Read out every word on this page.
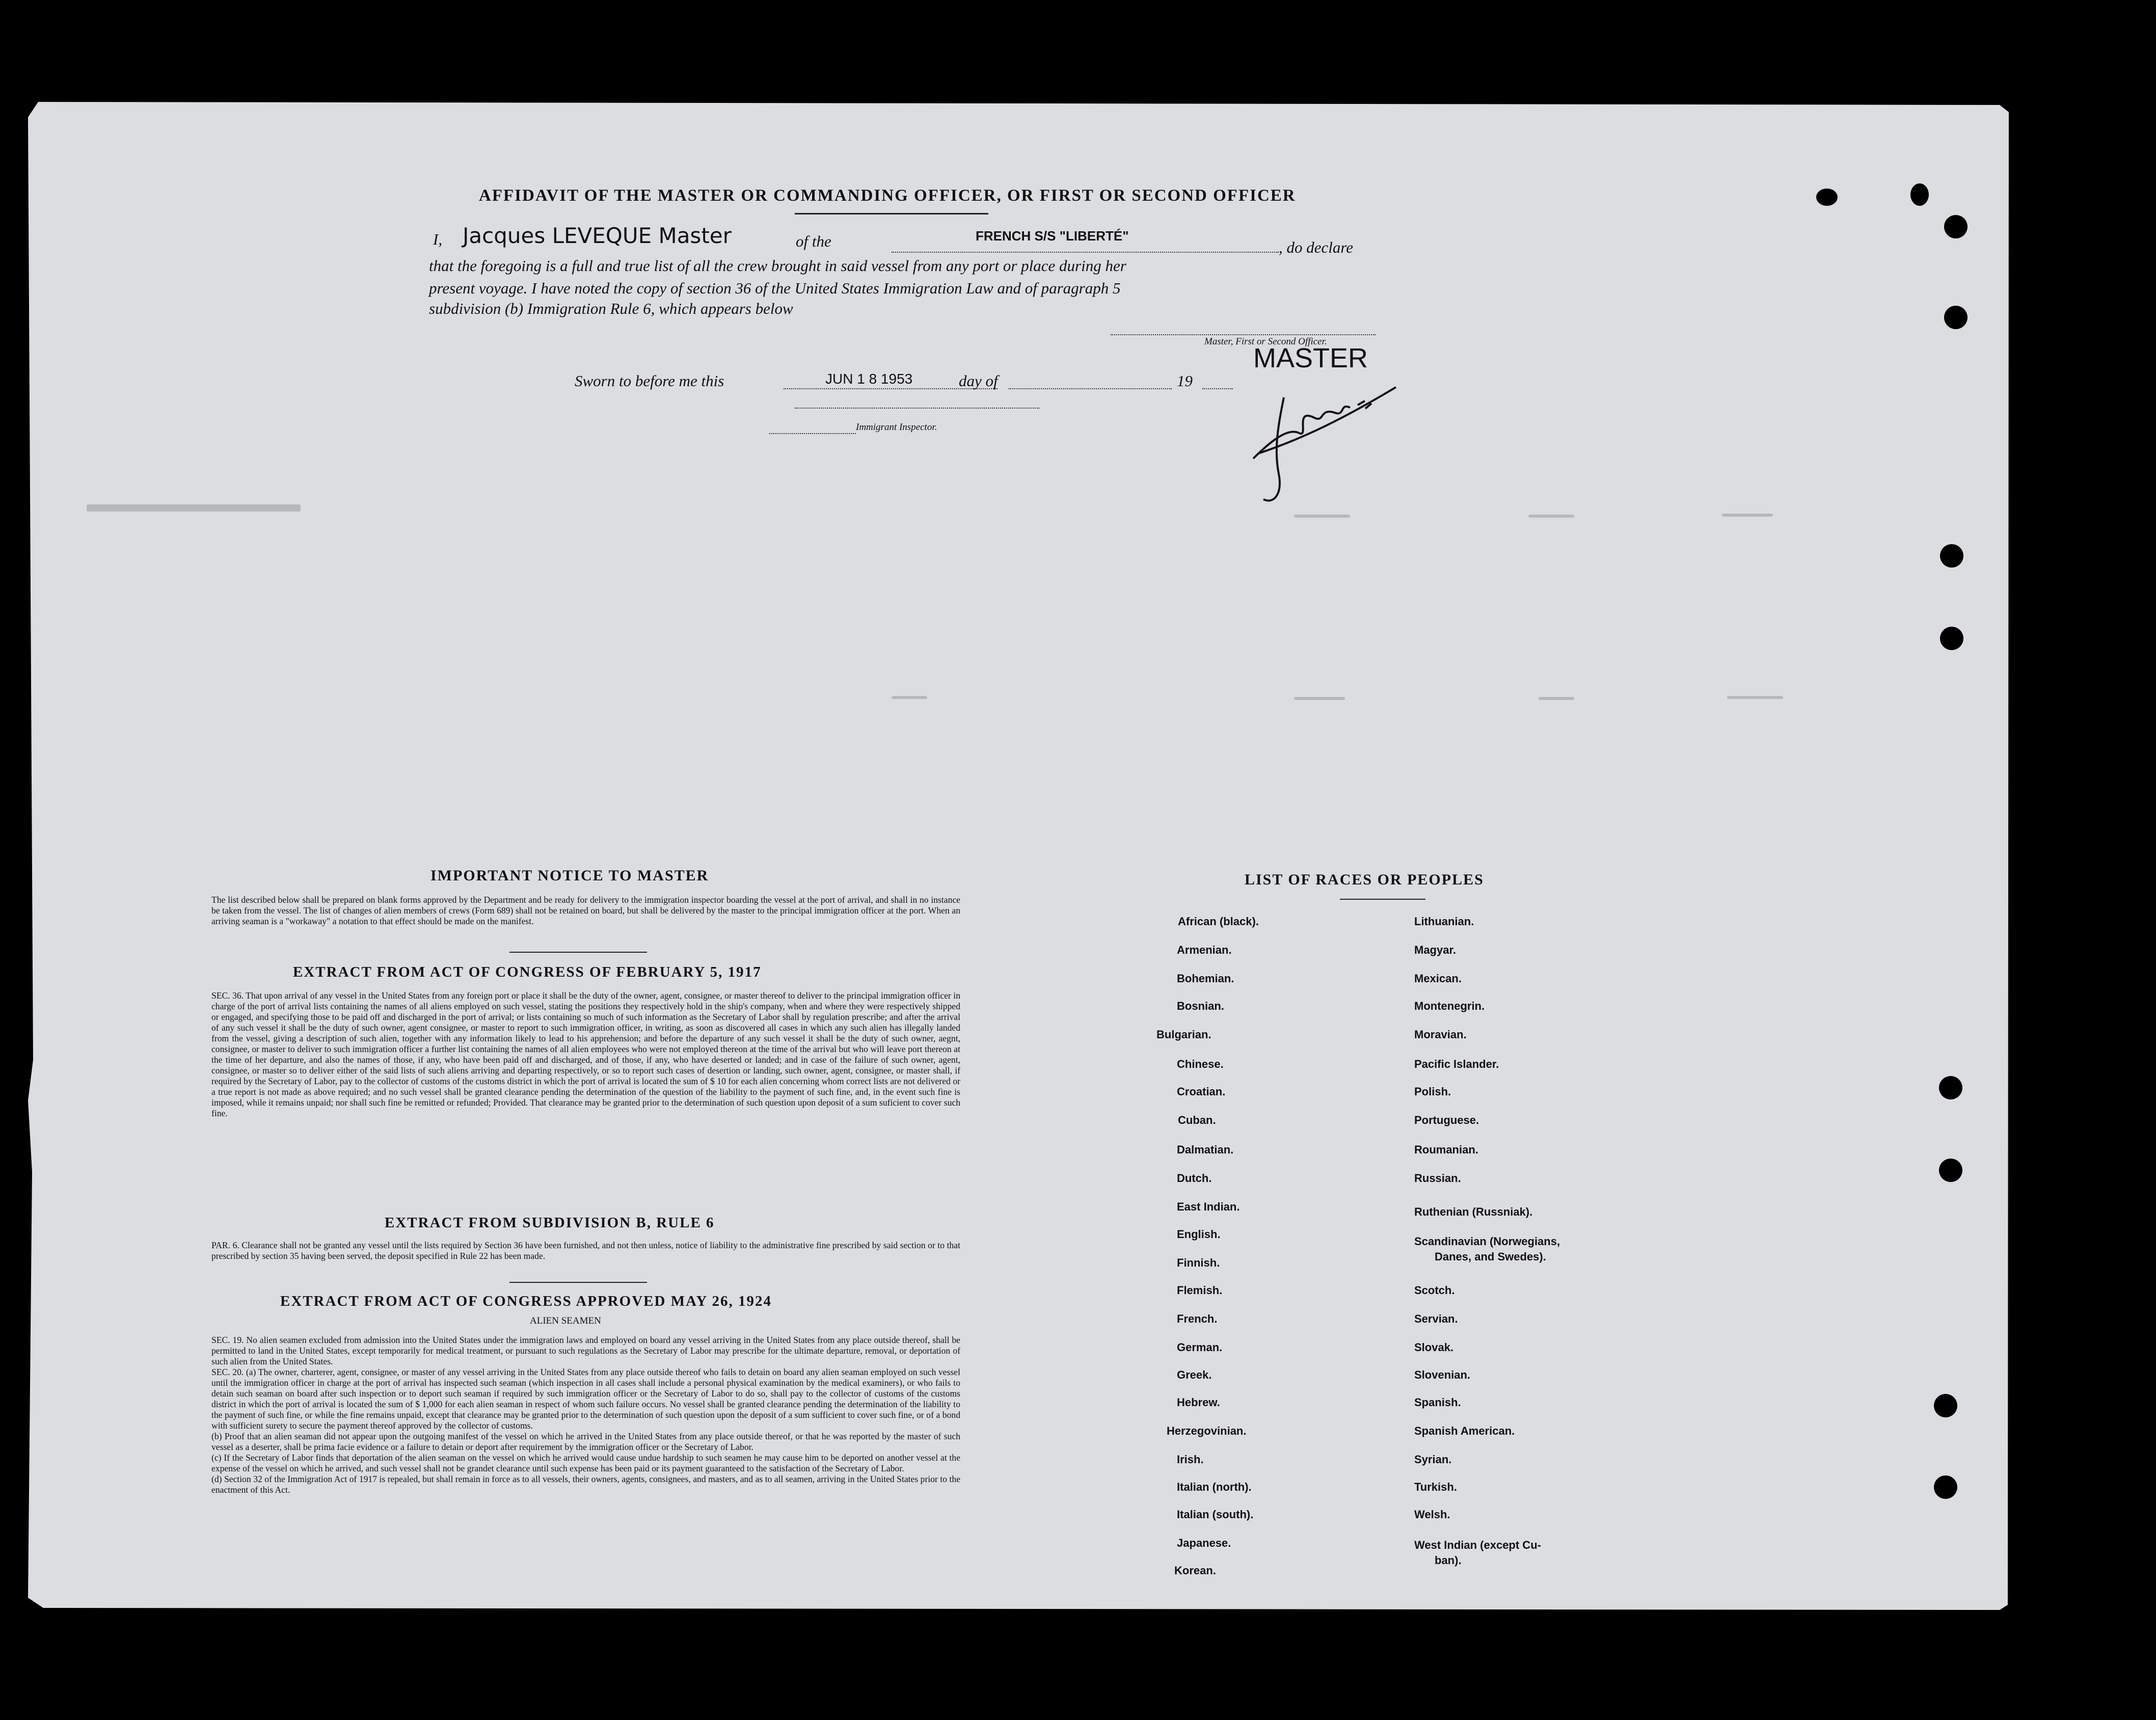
AFFIDAVIT OF THE MASTER OR COMMANDING OFFICER, OR FIRST OR SECOND OFFICER
I, Jacques LEVEQUE Master	of the	FRENCH S/S "LIBERTÉ"
, do declare
that the foregoing is a full and true list of all the crew brought in said vessel from any port or place during her
present voyage. I have noted the copy of section 36 of the United States Immigration Law and of paragraph 5
subdivision (b) Immigration Rule 6, which appears below
Master, First or Second Officer.
MASTER
Sworn to before me this	JUN 1 8 1953	day of	19
Immigrant Inspector.
IMPORTANT NOTICE TO MASTER
The list described below shall be prepared on blank forms approved by the Department and be ready for delivery to the immigration inspector boarding the vessel at the port of arrival, and shall in no instance be taken from the vessel. The list of changes of alien members of crews (Form 689) shall not be retained on board, but shall be delivered by the master to the principal immigration officer at the port. When an arriving seaman is a "workaway" a notation to that effect should be made on the manifest.
EXTRACT FROM ACT OF CONGRESS OF FEBRUARY 5, 1917
SEC. 36. That upon arrival of any vessel in the United States from any foreign port or place it shall be the duty of the owner, agent, consignee, or master thereof to deliver to the principal immigration officer in charge of the port of arrival lists containing the names of all aliens employed on such vessel, stating the positions they respectively hold in the ship's company, when and where they were respectively shipped or engaged, and specifying those to be paid off and discharged in the port of arrival; or lists containing so much of such information as the Secretary of Labor shall by regulation prescribe; and after the arrival of any such vessel it shall be the duty of such owner, agent consignee, or master to report to such immigration officer, in writing, as soon as discovered all cases in which any such alien has illegally landed from the vessel, giving a description of such alien, together with any information likely to lead to his apprehension; and before the departure of any such vessel it shall be the duty of such owner, aegnt, consignee, or master to deliver to such immigration officer a further list containing the names of all alien employees who were not employed thereon at the time of the arrival but who will leave port thereon at the time of her departure, and also the names of those, if any, who have been paid off and discharged, and of those, if any, who have deserted or landed; and in case of the failure of such owner, agent, consignee, or master so to deliver either of the said lists of such aliens arriving and departing respectively, or so to report such cases of desertion or landing, such owner, agent, consignee, or master shall, if required by the Secretary of Labor, pay to the collector of customs of the customs district in which the port of arrival is located the sum of $ 10 for each alien concerning whom correct lists are not delivered or a true report is not made as above required; and no such vessel shall be granted clearance pending the determination of the question of the liability to the payment of such fine, and, in the event such fine is imposed, while it remains unpaid; nor shall such fine be remitted or refunded; Provided. That clearance may be granted prior to the determination of such question upon deposit of a sum suficient to cover such fine.
EXTRACT FROM SUBDIVISION B, RULE 6
PAR. 6. Clearance shall not be granted any vessel until the lists required by Section 36 have been furnished, and not then unless, notice of liability to the administrative fine prescribed by said section or to that prescribed by section 35 having been served, the deposit specified in Rule 22 has been made.
EXTRACT FROM ACT OF CONGRESS APPROVED MAY 26, 1924
ALIEN SEAMEN
SEC. 19. No alien seamen excluded from admission into the United States under the immigration laws and employed on board any vessel arriving in the United States from any place outside thereof, shall be permitted to land in the United States, except temporarily for medical treatment, or pursuant to such regulations as the Secretary of Labor may prescribe for the ultimate departure, removal, or deportation of such alien from the United States.
SEC. 20. (a) The owner, charterer, agent, consignee, or master of any vessel arriving in the United States from any place outside thereof who fails to detain on board any alien seaman employed on such vessel until the immigration officer in charge at the port of arrival has inspected such seaman (which inspection in all cases shall include a personal physical examination by the medical examiners), or who fails to detain such seaman on board after such inspection or to deport such seaman if required by such immigration officer or the Secretary of Labor to do so, shall pay to the collector of customs of the customs district in which the port of arrival is located the sum of $ 1,000 for each alien seaman in respect of whom such failure occurs. No vessel shall be granted clearance pending the determination of the liability to the payment of such fine, or while the fine remains unpaid, except that clearance may be granted prior to the determination of such question upon the deposit of a sum sufficient to cover such fine, or of a bond with sufficient surety to secure the payment thereof approved by the collector of customs.
(b) Proof that an alien seaman did not appear upon the outgoing manifest of the vessel on which he arrived in the United States from any place outside thereof, or that he was reported by the master of such vessel as a deserter, shall be prima facie evidence or a failure to detain or deport after requirement by the immigration officer or the Secretary of Labor.
(c) If the Secretary of Labor finds that deportation of the alien seaman on the vessel on which he arrived would cause undue hardship to such seamen he may cause him to be deported on another vessel at the expense of the vessel on which he arrived, and such vessel shall not be grandet clearance until such expense has been paid or its payment guaranteed to the satisfaction of the Secretary of Labor.
(d) Section 32 of the Immigration Act of 1917 is repealed, but shall remain in force as to all vessels, their owners, agents, consignees, and masters, and as to all seamen, arriving in the United States prior to the enactment of this Act.
LIST OF RACES OR PEOPLES
African (black).
Armenian.
Bohemian.
Bosnian.
Bulgarian.
Chinese.
Croatian.
Cuban.
Dalmatian.
Dutch.
East Indian.
English.
Finnish.
Flemish.
French.
German.
Greek.
Hebrew.
Herzegovinian.
Irish.
Italian (north).
Italian (south).
Japanese.
Korean.
Lithuanian.
Magyar.
Mexican.
Montenegrin.
Moravian.
Pacific Islander.
Polish.
Portuguese.
Roumanian.
Russian.
Ruthenian (Russniak).
Scandinavian (Norwegians,
Danes, and Swedes).
Scotch.
Servian.
Slovak.
Slovenian.
Spanish.
Spanish American.
Syrian.
Turkish.
Welsh.
West Indian (except Cu-
ban).
